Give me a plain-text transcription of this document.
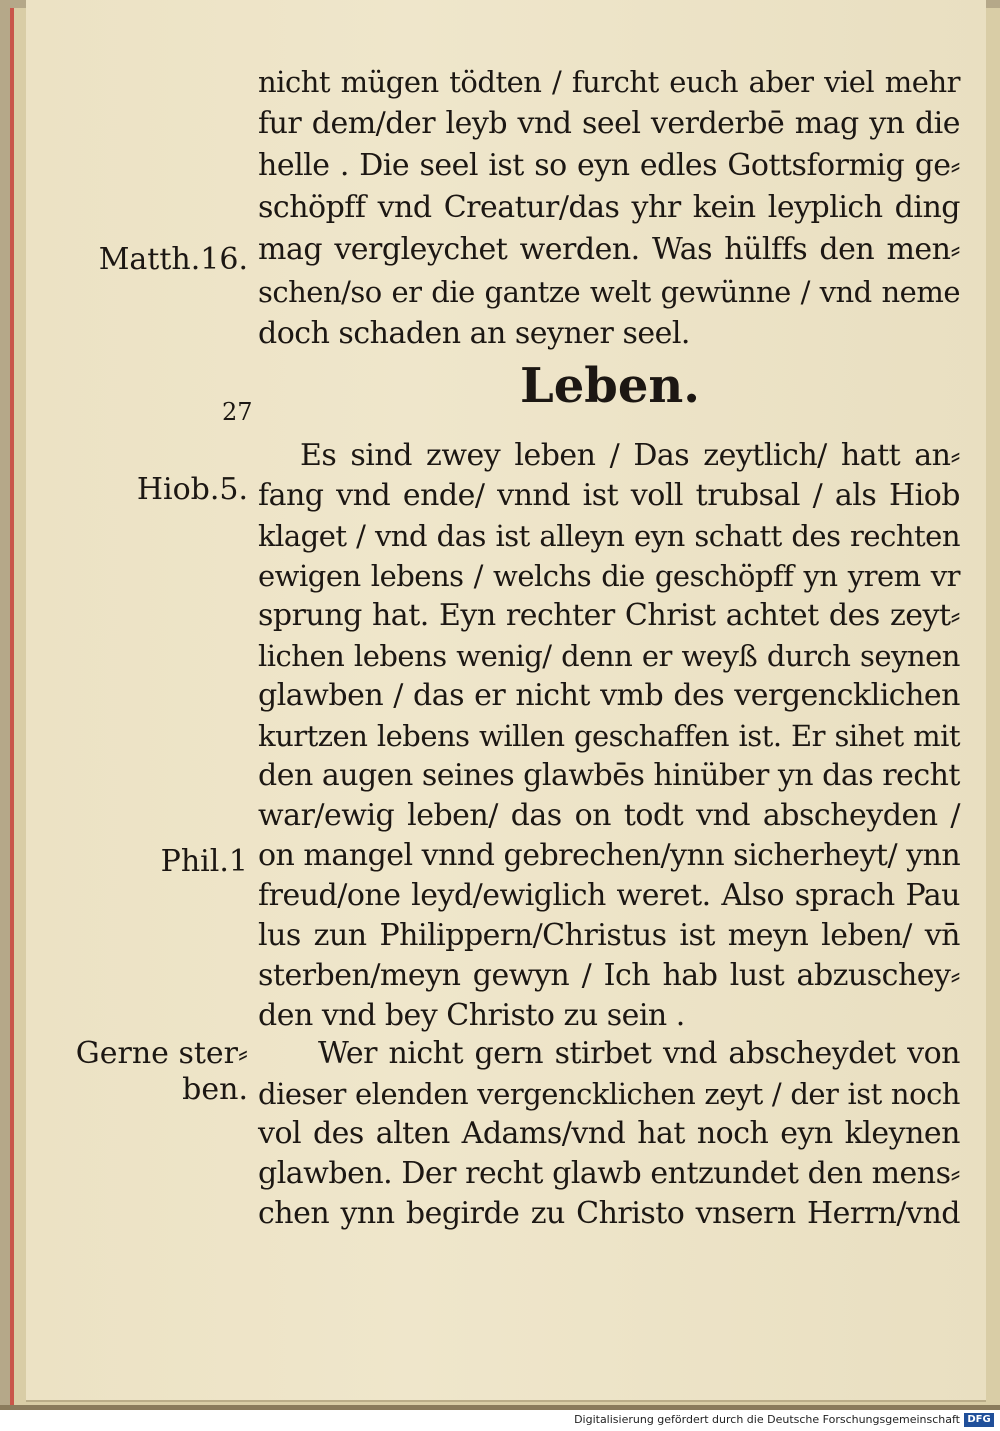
nicht mügen tödten / furcht euch aber viel mehr
fur dem/der leyb vnd seel verderbē mag yn die
helle . Die seel ist so eyn edles Gottsformig ge⸗
schöpff vnd Creatur/das yhr kein leyplich ding
mag vergleychet werden. Was hülffs den men⸗
schen/so er die gantze welt gewünne / vnd neme
doch schaden an seyner seel.
Matth.16.
Leben.
27
Es sind zwey leben / Das zeytlich/ hatt an⸗
fang vnd ende/ vnnd ist voll trubsal / als Hiob
klaget / vnd das ist alleyn eyn schatt des rechten
ewigen lebens / welchs die geschöpff yn yrem vr
sprung hat. Eyn rechter Christ achtet des zeyt⸗
lichen lebens wenig/ denn er weyß durch seynen
glawben / das er nicht vmb des vergencklichen
kurtzen lebens willen geschaffen ist. Er sihet mit
den augen seines glawbēs hinüber yn das recht
war/ewig leben/ das on todt vnd abscheyden /
on mangel vnnd gebrechen/ynn sicherheyt/ ynn
freud/one leyd/ewiglich weret. Also sprach Pau
lus zun Philippern/Christus ist meyn leben/ vn̄
sterben/meyn gewyn / Ich hab lust abzuschey⸗
den vnd bey Christo zu sein .
Hiob.5.
Phil.1
Wer nicht gern stirbet vnd abscheydet von
dieser elenden vergencklichen zeyt / der ist noch
vol des alten Adams/vnd hat noch eyn kleynen
glawben. Der recht glawb entzundet den mens⸗
chen ynn begirde zu Christo vnsern Herrn/vnd
Gerne ster⸗
ben.
Digitalisierung gefördert durch die Deutsche Forschungsgemeinschaft DFG
